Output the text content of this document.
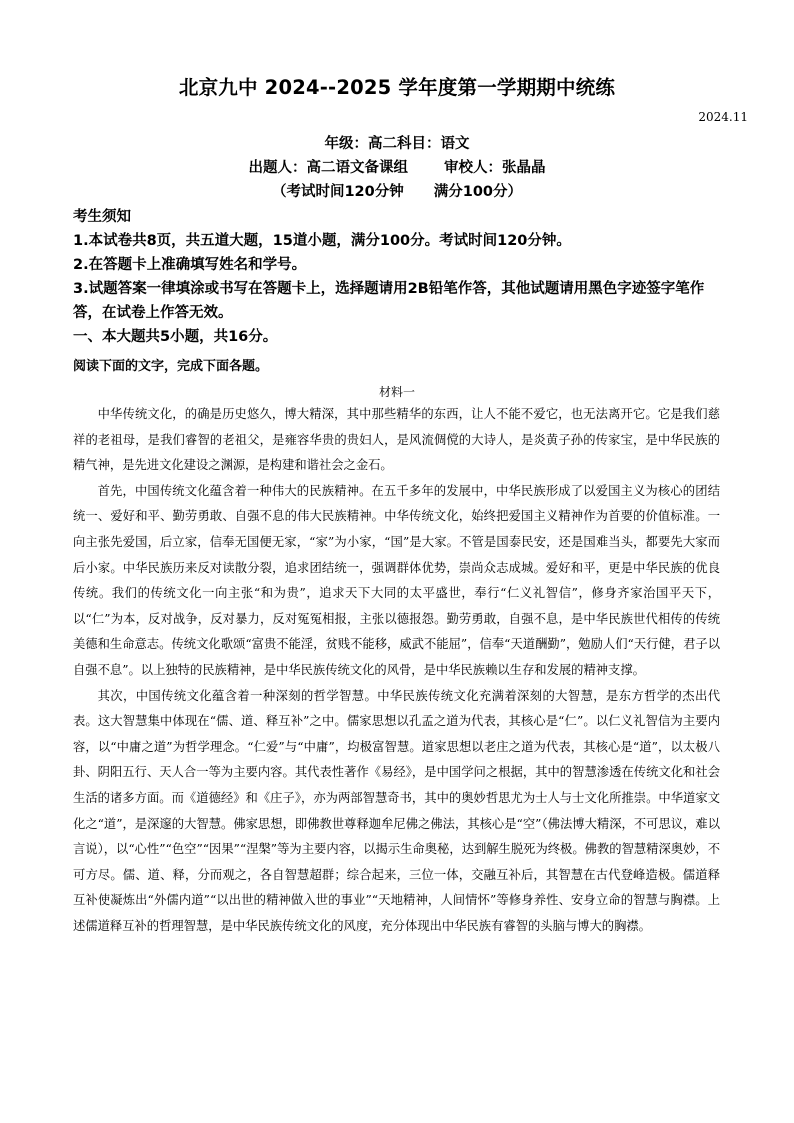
北京九中 2024--2025 学年度第一学期期中统练
2024.11
年级：高二科目：语文
出题人：高二语文备课组 审校人：张晶晶
（考试时间120分钟 满分100分）
考生须知
1.本试卷共8页，共五道大题，15道小题，满分100分。考试时间120分钟。
2.在答题卡上准确填写姓名和学号。
3.试题答案一律填涂或书写在答题卡上，选择题请用2B铅笔作答，其他试题请用黑色字迹签字笔作答，在试卷上作答无效。
一、本大题共5小题，共16分。
阅读下面的文字，完成下面各题。
材料一

中华传统文化，的确是历史悠久，博大精深，其中那些精华的东西，让人不能不爱它，也无法离开它。它是我们慈祥的老祖母，是我们睿智的老祖父，是雍容华贵的贵妇人，是风流倜傥的大诗人，是炎黄子孙的传家宝，是中华民族的精气神，是先进文化建设之渊源，是构建和谐社会之金石。

首先，中国传统文化蕴含着一种伟大的民族精神。在五千多年的发展中，中华民族形成了以爱国主义为核心的团结统一、爱好和平、勤劳勇敢、自强不息的伟大民族精神。中华传统文化，始终把爱国主义精神作为首要的价值标准。一向主张先爱国，后立家，信奉无国便无家，“家”为小家，“国”是大家。不管是国泰民安，还是国难当头，都要先大家而后小家。中华民族历来反对读散分裂，追求团结统一，强调群体优势，崇尚众志成城。爱好和平，更是中华民族的优良传统。我们的传统文化一向主张“和为贵”，追求天下大同的太平盛世，奉行“仁义礼智信”，修身齐家治国平天下，以“仁”为本，反对战争，反对暴力，反对冤冤相报，主张以德报怨。勤劳勇敢，自强不息，是中华民族世代相传的传统美德和生命意志。传统文化歌颂“富贵不能淫，贫贱不能移，威武不能屈”，信奉“天道酬勤”，勉励人们“天行健，君子以自强不息”。以上独特的民族精神，是中华民族传统文化的风骨，是中华民族赖以生存和发展的精神支撑。

其次，中国传统文化蕴含着一种深刻的哲学智慧。中华民族传统文化充满着深刻的大智慧，是东方哲学的杰出代表。这大智慧集中体现在“儒、道、释互补”之中。儒家思想以孔孟之道为代表，其核心是“仁”。以仁义礼智信为主要内容，以“中庸之道”为哲学理念。“仁爱”与“中庸”，均极富智慧。道家思想以老庄之道为代表，其核心是“道”，以太极八卦、阴阳五行、天人合一等为主要内容。其代表性著作《易经》，是中国学问之根据，其中的智慧渗透在传统文化和社会生活的诸多方面。而《道德经》和《庄子》，亦为两部智慧奇书，其中的奥妙哲思尤为士人与士文化所推崇。中华道家文化之“道”，是深邃的大智慧。佛家思想，即佛教世尊释迦牟尼佛之佛法，其核心是“空”（佛法博大精深，不可思议，难以言说），以“心性”“色空”“因果”“涅槃”等为主要内容，以揭示生命奥秘，达到解生脱死为终极。佛教的智慧精深奥妙，不可方尽。儒、道、释，分而观之，各自智慧超群；综合起来，三位一体，交融互补后，其智慧在古代登峰造极。儒道释互补使凝炼出“外儒内道”“以出世的精神做入世的事业”“天地精神，人间情怀”等修身养性、安身立命的智慧与胸襟。上述儒道释互补的哲理智慧，是中华民族传统文化的风度，充分体现出中华民族有睿智的头脑与博大的胸襟。
